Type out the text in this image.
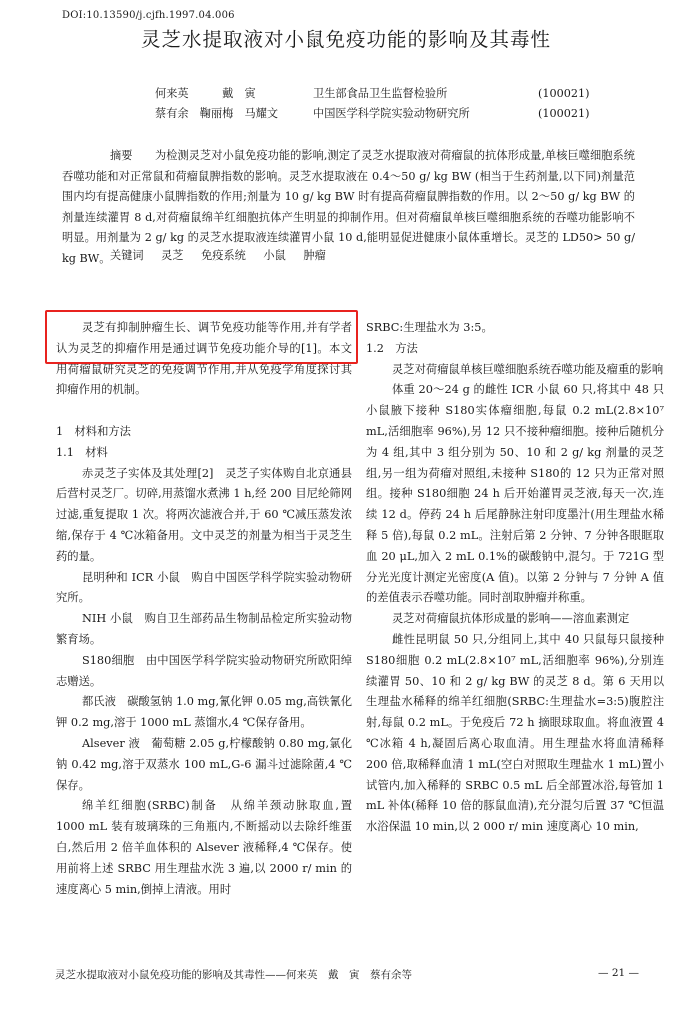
DOI:10.13590/j.cjfh.1997.04.006
灵芝水提取液对小鼠免疫功能的影响及其毒性
何来英　　　戴　寅	卫生部食品卫生监督检验所	(100021)
蔡有余　鞠丽梅　马耀文	中国医学科学院实验动物研究所	(100021)

摘要　　 为检测灵芝对小鼠免疫功能的影响,测定了灵芝水提取液对荷瘤鼠的抗体形成量,单核巨噬细胞系统吞噬功能和对正常鼠和荷瘤鼠脾指数的影响。灵芝水提取液在 0.4～50 g/ kg BW (相当于生药剂量,以下同)剂量范围内均有提高健康小鼠脾指数的作用;剂量为 10 g/ kg BW 时有提高荷瘤鼠脾指数的作用。以 2～50 g/ kg BW 的剂量连续灌胃 8 d,对荷瘤鼠绵羊红细胞抗体产生明显的抑制作用。但对荷瘤鼠单核巨噬细胞系统的吞噬功能影响不明显。用剂量为 2 g/ kg 的灵芝水提取液连续灌胃小鼠 10 d,能明显促进健康小鼠体重增长。灵芝的 LD50> 50 g/ kg BW。 关键词 灵芝 免疫系统 小鼠 肿瘤

灵芝有抑制肿瘤生长、调节免疫功能等作用,并有学者认为灵芝的抑瘤作用是通过调节免疫功能介导的[1]。本文用荷瘤鼠研究灵芝的免疫调节作用,并从免疫学角度探讨其抑瘤作用的机制。

1　材料和方法

1.1　材料

赤灵芝子实体及其处理[2]　灵芝子实体购自北京通县后营村灵芝厂。切碎,用蒸馏水煮沸 1 h,经 200 目尼纶筛网过滤,重复提取 1 次。将两次滤液合并,于 60 ℃减压蒸发浓缩,保存于 4 ℃冰箱备用。文中灵芝的剂量为相当于灵芝生药的量。

昆明种和 ICR 小鼠　购自中国医学科学院实验动物研究所。

NIH 小鼠　购自卫生部药品生物制品检定所实验动物繁育场。

S180细胞　由中国医学科学院实验动物研究所欧阳绰志赠送。

都氏液　碳酸氢钠 1.0 mg,氰化钾 0.05 mg,高铁氰化钾 0.2 mg,溶于 1000 mL 蒸馏水,4 ℃保存备用。

Alsever 液　葡萄糖 2.05 g,柠檬酸钠 0.80 mg,氯化钠 0.42 mg,溶于双蒸水 100 mL,G-6 漏斗过滤除菌,4 ℃保存。

绵羊红细胞(SRBC)制备　从绵羊颈动脉取血,置 1000 mL 装有玻璃珠的三角瓶内,不断摇动以去除纤维蛋白,然后用 2 倍羊血体积的 Alsever 液稀释,4 ℃保存。使用前将上述 SRBC 用生理盐水洗 3 遍,以 2000 r/ min 的速度离心 5 min,倒掉上清液。用时

SRBC:生理盐水为 3:5。

1.2　方法

灵芝对荷瘤鼠单核巨噬细胞系统吞噬功能及瘤重的影响

体重 20～24 g 的雌性 ICR 小鼠 60 只,将其中 48 只小鼠腋下接种 S180实体瘤细胞,每鼠 0.2 mL(2.8×10⁷ mL,活细胞率 96%),另 12 只不接种瘤细胞。接种后随机分为 4 组,其中 3 组分别为 50、10 和 2 g/ kg 剂量的灵芝组,另一组为荷瘤对照组,未接种 S180的 12 只为正常对照组。接种 S180细胞 24 h 后开始灌胃灵芝液,每天一次,连续 12 d。停药 24 h 后尾静脉注射印度墨汁(用生理盐水稀释 5 倍),每鼠 0.2 mL。注射后第 2 分钟、7 分钟各眼眶取血 20 μL,加入 2 mL 0.1%的碳酸钠中,混匀。于 721G 型分光光度计测定光密度(A 值)。以第 2 分钟与 7 分钟 A 值的差值表示吞噬功能。同时剖取肿瘤并称重。

灵芝对荷瘤鼠抗体形成量的影响——溶血素测定

雌性昆明鼠 50 只,分组同上,其中 40 只鼠每只鼠接种 S180细胞 0.2 mL(2.8×10⁷ mL,活细胞率 96%),分别连续灌胃 50、10 和 2 g/ kg BW 的灵芝 8 d。第 6 天用以生理盐水稀释的绵羊红细胞(SRBC:生理盐水=3:5)腹腔注射,每鼠 0.2 mL。于免疫后 72 h 摘眼球取血。将血液置 4 ℃冰箱 4 h,凝固后离心取血清。用生理盐水将血清稀释 200 倍,取稀释血清 1 mL(空白对照取生理盐水 1 mL)置小试管内,加入稀释的 SRBC 0.5 mL 后全部置冰浴,每管加 1 mL 补体(稀释 10 倍的豚鼠血清),充分混匀后置 37 ℃恒温水浴保温 10 min,以 2 000 r/ min 速度离心 10 min,

灵芝水提取液对小鼠免疫功能的影响及其毒性——何来英　戴　寅　蔡有余等	— 21 —
